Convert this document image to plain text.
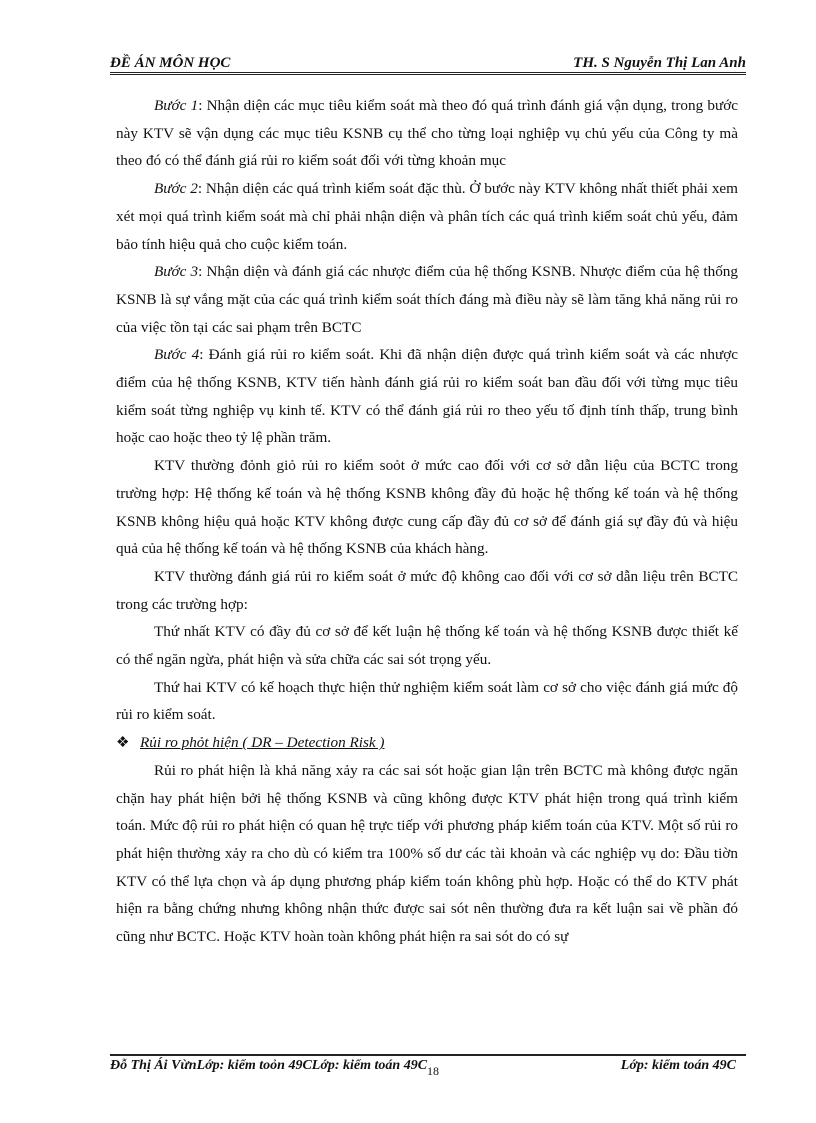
ĐỀ ÁN MÔN HỌC	TH. S Nguyễn Thị Lan Anh

Bước 1: Nhận diện các mục tiêu kiểm soát mà theo đó quá trình đánh giá vận dụng, trong bước này KTV sẽ vận dụng các mục tiêu KSNB cụ thể cho từng loại nghiệp vụ chủ yếu của Công ty mà theo đó có thể đánh giá rủi ro kiểm soát đối với từng khoản mục

Bước 2: Nhận diện các quá trình kiểm soát đặc thù. Ở bước này KTV không nhất thiết phải xem xét mọi quá trình kiểm soát mà chỉ phải nhận diện và phân tích các quá trình kiểm soát chủ yếu, đảm bảo tính hiệu quả cho cuộc kiểm toán.

Bước 3: Nhận diện và đánh giá các nhược điểm của hệ thống KSNB. Nhược điểm của hệ thống KSNB là sự vắng mặt của các quá trình kiểm soát thích đáng mà điều này sẽ làm tăng khả năng rủi ro của việc tồn tại các sai phạm trên BCTC

Bước 4: Đánh giá rủi ro kiểm soát. Khi đã nhận diện được quá trình kiểm soát và các nhược điểm của hệ thống KSNB, KTV tiến hành đánh giá rủi ro kiểm soát ban đầu đối với từng mục tiêu kiểm soát từng nghiệp vụ kinh tế. KTV có thể đánh giá rủi ro theo yếu tố định tính thấp, trung bình hoặc cao hoặc theo tỷ lệ phần trăm.

KTV thường đỏnh giỏ rủi ro kiểm soỏt ở mức cao đối với cơ sở dẫn liệu của BCTC trong trường hợp: Hệ thống kế toán và hệ thống KSNB không đầy đủ hoặc hệ thống kế toán và hệ thống KSNB không hiệu quả hoặc KTV không được cung cấp đầy đủ cơ sở để đánh giá sự đầy đủ và hiệu quả của hệ thống kế toán và hệ thống KSNB của khách hàng.

KTV thường đánh giá rủi ro kiểm soát ở mức độ không cao đối với cơ sở dẫn liệu trên BCTC trong các trường hợp:

Thứ nhất KTV có đầy đủ cơ sở để kết luận hệ thống kế toán và hệ thống KSNB được thiết kế có thể ngăn ngừa, phát hiện và sửa chữa các sai sót trọng yếu.

Thứ hai KTV có kế hoạch thực hiện thử nghiệm kiểm soát làm cơ sở cho việc đánh giá mức độ rủi ro kiểm soát.

❖ Rủi ro phỏt hiện ( DR – Detection Risk )

Rủi ro phát hiện là khả năng xảy ra các sai sót hoặc gian lận trên BCTC mà không được ngăn chặn hay phát hiện bởi hệ thống KSNB và cũng không được KTV phát hiện trong quá trình kiểm toán. Mức độ rủi ro phát hiện có quan hệ trực tiếp với phương pháp kiểm toán của KTV. Một số rủi ro phát hiện thường xảy ra cho dù có kiểm tra 100% số dư các tài khoản và các nghiệp vụ do: Đầu tiờn KTV có thể lựa chọn và áp dụng phương pháp kiểm toán không phù hợp. Hoặc có thể do KTV phát hiện ra bằng chứng nhưng không nhận thức được sai sót nên thường đưa ra kết luận sai về phần đó cũng như BCTC. Hoặc KTV hoàn toàn không phát hiện ra sai sót do có sự

Đỗ Thị Ái VừnLớp: kiểm toỏn 49CLớp: kiểm toán 49C 18	Lớp: kiểm toán 49C
